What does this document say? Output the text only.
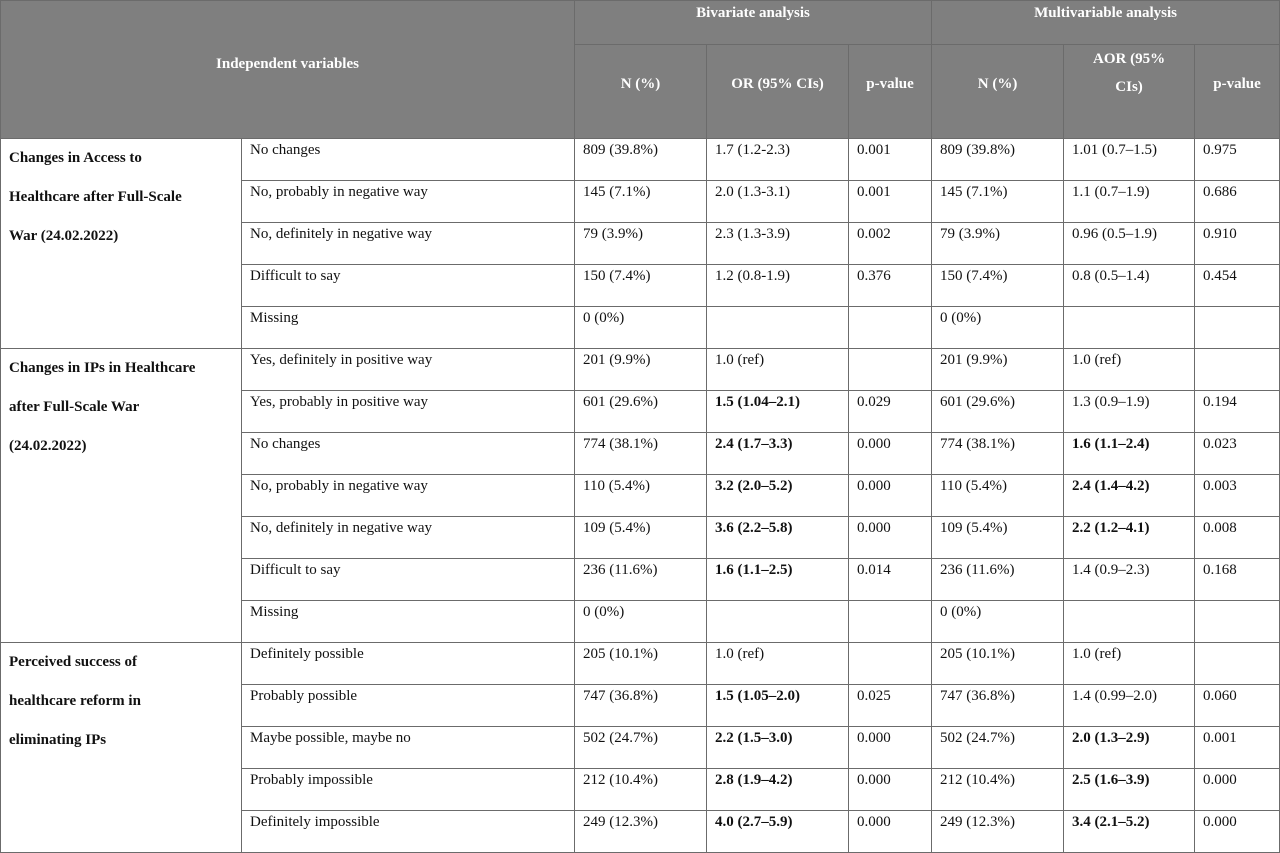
Independent variables		Bivariate analysis			Multivariable analysis		
		N (%)	OR (95% CIs)	p-value	N (%)	AOR (95%
CIs)	p-value

Changes in Access to
Healthcare after Full-Scale
War (24.02.2022)	No changes	809 (39.8%)	1.7 (1.2-2.3)	0.001	809 (39.8%)	1.01 (0.7–1.5)	0.975
	No, probably in negative way	145 (7.1%)	2.0 (1.3-3.1)	0.001	145 (7.1%)	1.1 (0.7–1.9)	0.686
	No, definitely in negative way	79 (3.9%)	2.3 (1.3-3.9)	0.002	79 (3.9%)	0.96 (0.5–1.9)	0.910
	Difficult to say	150 (7.4%)	1.2 (0.8-1.9)	0.376	150 (7.4%)	0.8 (0.5–1.4)	0.454
	Missing	0 (0%)			0 (0%)		

Changes in IPs in Healthcare
after Full-Scale War
(24.02.2022)	Yes, definitely in positive way	201 (9.9%)	1.0 (ref)		201 (9.9%)	1.0 (ref)	
	Yes, probably in positive way	601 (29.6%)	1.5 (1.04–2.1)	0.029	601 (29.6%)	1.3 (0.9–1.9)	0.194
	No changes	774 (38.1%)	2.4 (1.7–3.3)	0.000	774 (38.1%)	1.6 (1.1–2.4)	0.023
	No, probably in negative way	110 (5.4%)	3.2 (2.0–5.2)	0.000	110 (5.4%)	2.4 (1.4–4.2)	0.003
	No, definitely in negative way	109 (5.4%)	3.6 (2.2–5.8)	0.000	109 (5.4%)	2.2 (1.2–4.1)	0.008
	Difficult to say	236 (11.6%)	1.6 (1.1–2.5)	0.014	236 (11.6%)	1.4 (0.9–2.3)	0.168
	Missing	0 (0%)			0 (0%)		

Perceived success of
healthcare reform in
eliminating IPs	Definitely possible	205 (10.1%)	1.0 (ref)		205 (10.1%)	1.0 (ref)	
	Probably possible	747 (36.8%)	1.5 (1.05–2.0)	0.025	747 (36.8%)	1.4 (0.99–2.0)	0.060
	Maybe possible, maybe no	502 (24.7%)	2.2 (1.5–3.0)	0.000	502 (24.7%)	2.0 (1.3–2.9)	0.001
	Probably impossible	212 (10.4%)	2.8 (1.9–4.2)	0.000	212 (10.4%)	2.5 (1.6–3.9)	0.000
	Definitely impossible	249 (12.3%)	4.0 (2.7–5.9)	0.000	249 (12.3%)	3.4 (2.1–5.2)	0.000
